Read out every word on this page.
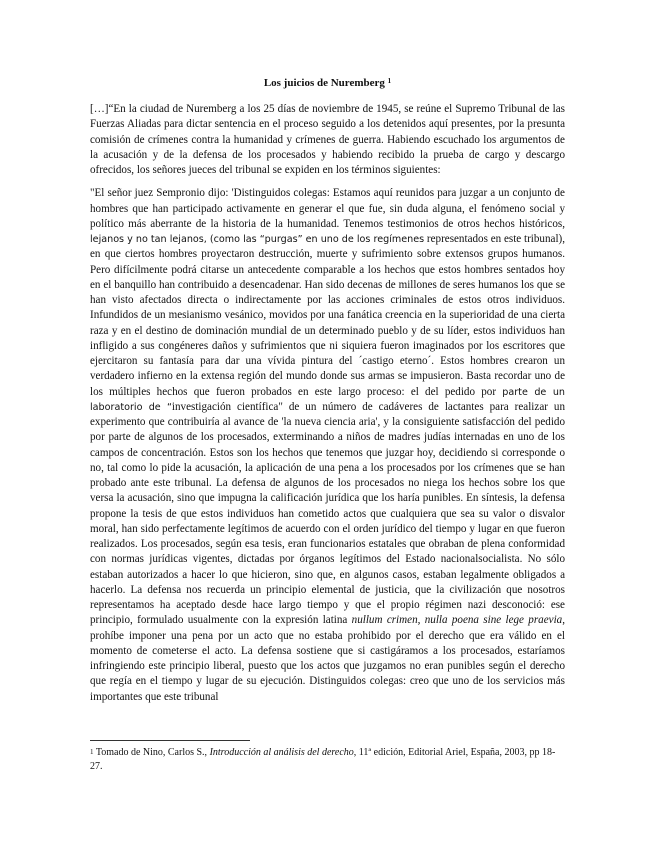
Los juicios de Nuremberg $^1$

[…]“En la ciudad de Nuremberg a los 25 días de noviembre de 1945, se reúne el Supremo Tribunal de las Fuerzas Aliadas para dictar sentencia en el proceso seguido a los detenidos aquí presentes, por la presunta comisión de crímenes contra la humanidad y crímenes de guerra. Habiendo escuchado los argumentos de la acusación y de la defensa de los procesados y habiendo recibido la prueba de cargo y descargo ofrecidos, los señores jueces del tribunal se expiden en los términos siguientes:

"El señor juez Sempronio dijo: 'Distinguidos colegas: Estamos aquí reunidos para juzgar a un conjunto de hombres que han participado activamente en generar el que fue, sin duda alguna, el fenómeno social y político más aberrante de la historia de la humanidad. Tenemos testimonios de otros hechos históricos, lejanos y no tan lejanos, (como las “purgas” en uno de los regímenes representados en este tribunal), en que ciertos hombres proyectaron destrucción, muerte y sufrimiento sobre extensos grupos humanos. Pero difícilmente podrá citarse un antecedente comparable a los hechos que estos hombres sentados hoy en el banquillo han contribuido a desencadenar. Han sido decenas de millones de seres humanos los que se han visto afectados directa o indirectamente por las acciones criminales de estos otros individuos. Infundidos de un mesianismo vesánico, movidos por una fanática creencia en la superioridad de una cierta raza y en el destino de dominación mundial de un determinado pueblo y de su líder, estos individuos han infligido a sus congéneres daños y sufrimientos que ni siquiera fueron imaginados por los escritores que ejercitaron su fantasía para dar una vívida pintura del ´castigo eterno´. Estos hombres crearon un verdadero infierno en la extensa región del mundo donde sus armas se impusieron. Basta recordar uno de los múltiples hechos que fueron probados en este largo proceso: el del pedido por parte de un laboratorio de “investigación científica" de un número de cadáveres de lactantes para realizar un experimento que contribuiría al avance de 'la nueva ciencia aria', y la consiguiente satisfacción del pedido por parte de algunos de los procesados, exterminando a niños de madres judías internadas en uno de los campos de concentración. Estos son los hechos que tenemos que juzgar hoy, decidiendo si corresponde o no, tal como lo pide la acusación, la aplicación de una pena a los procesados por los crímenes que se han probado ante este tribunal. La defensa de algunos de los procesados no niega los hechos sobre los que versa la acusación, sino que impugna la calificación jurídica que los haría punibles. En síntesis, la defensa propone la tesis de que estos individuos han cometido actos que cualquiera que sea su valor o disvalor moral, han sido perfectamente legítimos de acuerdo con el orden jurídico del tiempo y lugar en que fueron realizados. Los procesados, según esa tesis, eran funcionarios estatales que obraban de plena conformidad con normas jurídicas vigentes, dictadas por órganos legítimos del Estado nacionalsocialista. No sólo estaban autorizados a hacer lo que hicieron, sino que, en algunos casos, estaban legalmente obligados a hacerlo. La defensa nos recuerda un principio elemental de justicia, que la civilización que nosotros representamos ha aceptado desde hace largo tiempo y que el propio régimen nazi desconoció: ese principio, formulado usualmente con la expresión latina nullum crimen, nulla poena sine lege praevia, prohíbe imponer una pena por un acto que no estaba prohibido por el derecho que era válido en el momento de cometerse el acto. La defensa sostiene que si castigáramos a los procesados, estaríamos infringiendo este principio liberal, puesto que los actos que juzgamos no eran punibles según el derecho que regía en el tiempo y lugar de su ejecución. Distinguidos colegas: creo que uno de los servicios más importantes que este tribunal

$^1$ Tomado de Nino, Carlos S., Introducción al análisis del derecho, 11ª edición, Editorial Ariel, España, 2003, pp 18-27.
